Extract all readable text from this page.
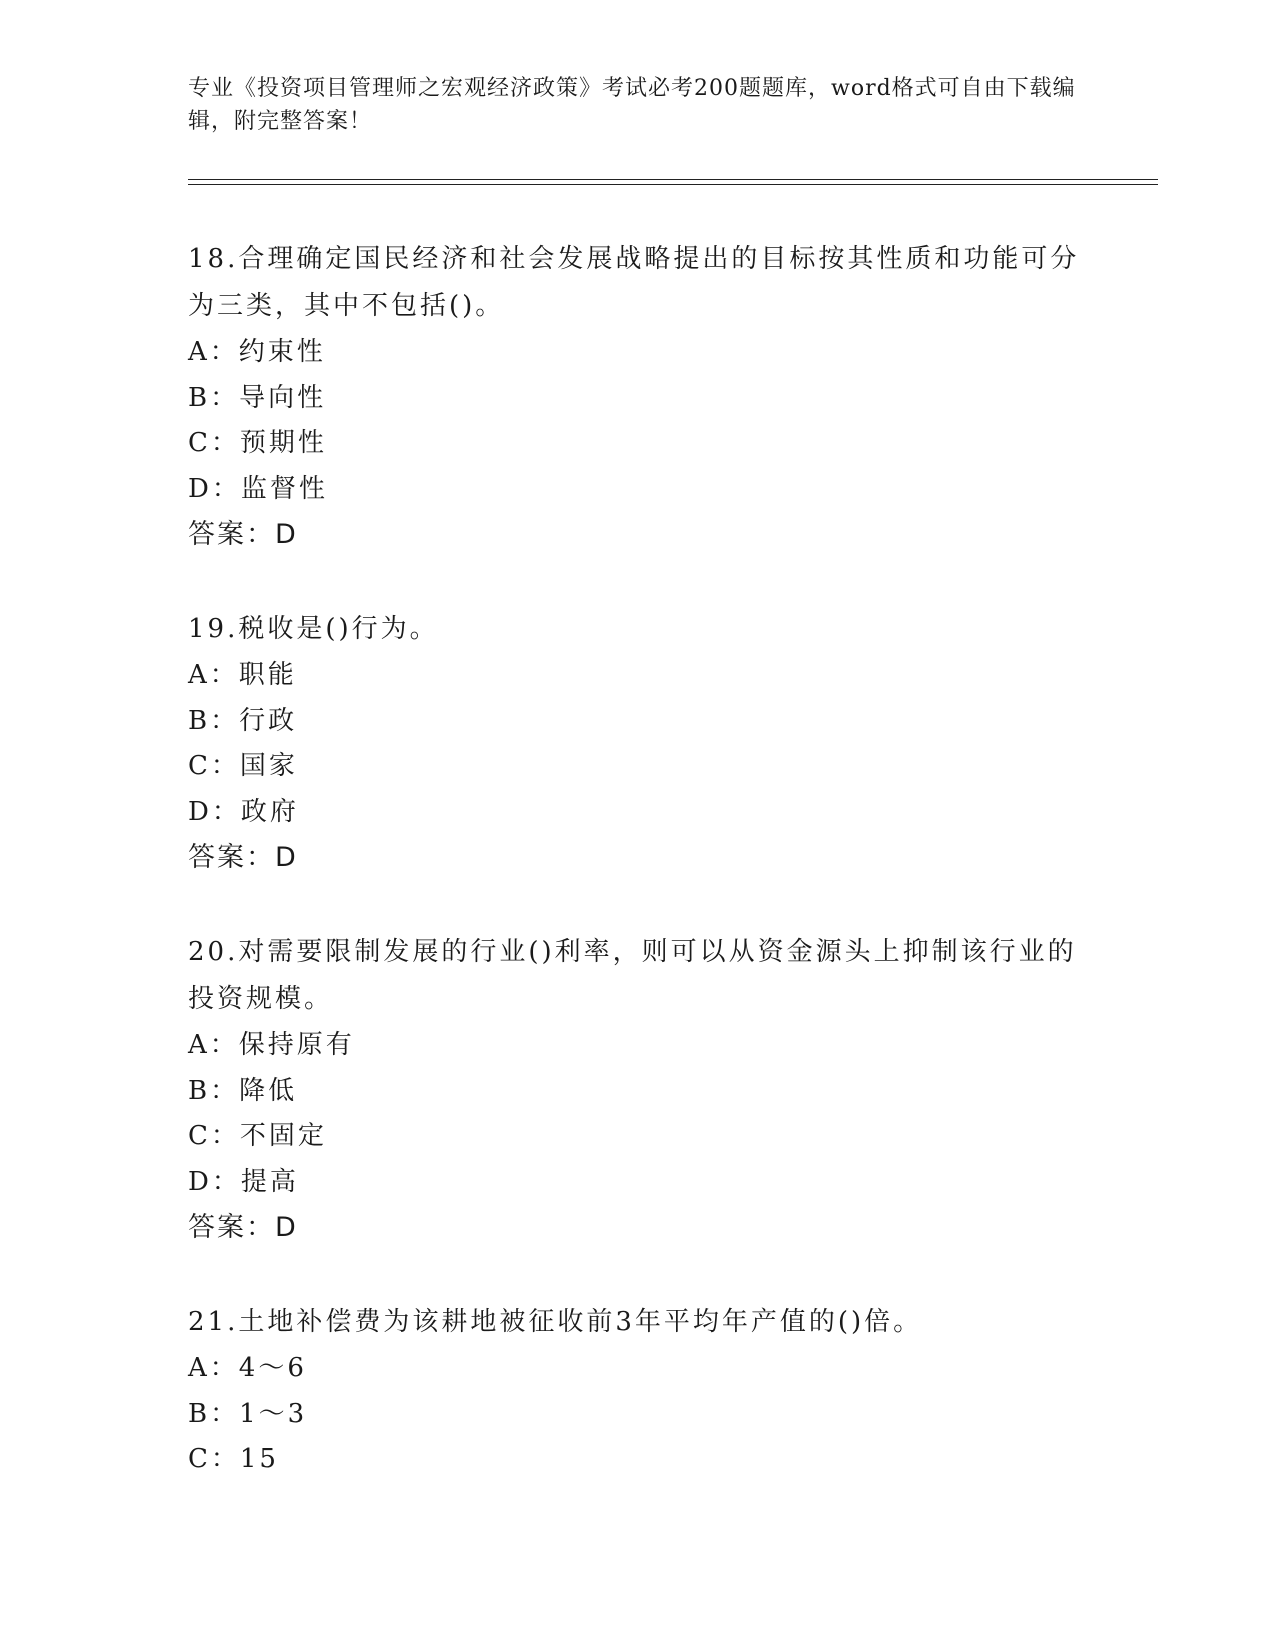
专业《投资项目管理师之宏观经济政策》考试必考200题题库，word格式可自由下载编辑，附完整答案！
18.合理确定国民经济和社会发展战略提出的目标按其性质和功能可分为三类，其中不包括()。
A：约束性
B：导向性
C：预期性
D：监督性
答案：D
19.税收是()行为。
A：职能
B：行政
C：国家
D：政府
答案：D
20.对需要限制发展的行业()利率，则可以从资金源头上抑制该行业的投资规模。
A：保持原有
B：降低
C：不固定
D：提高
答案：D
21.土地补偿费为该耕地被征收前3年平均年产值的()倍。
A：4～6
B：1～3
C：15
